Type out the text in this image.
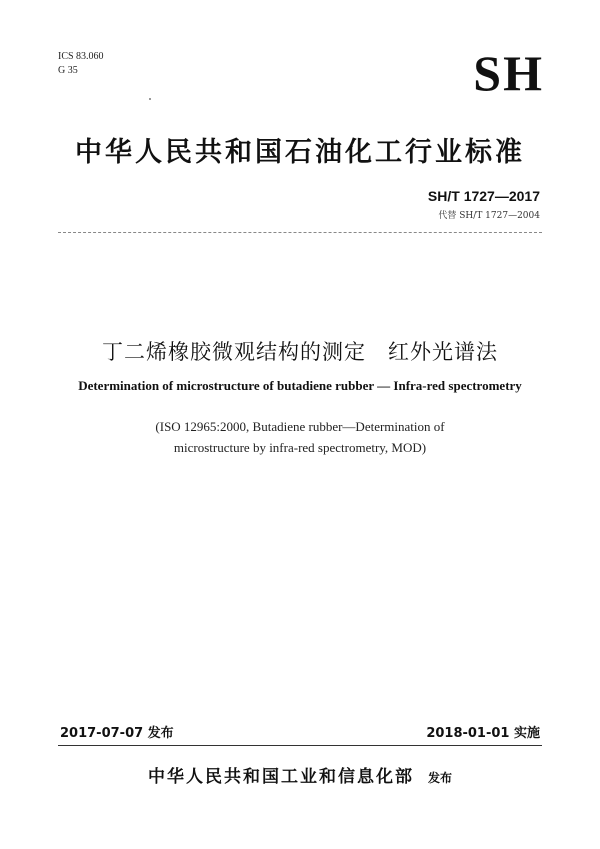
ICS 83.060
G 35	SH
中华人民共和国石油化工行业标准
SH/T 1727—2017
代替 SH/T 1727—2004
丁二烯橡胶微观结构的测定 红外光谱法
Determination of microstructure of butadiene rubber — Infra-red spectrometry
(ISO 12965:2000, Butadiene rubber—Determination of
microstructure by infra-red spectrometry, MOD)
2017-07-07 发布	2018-01-01 实施
中华人民共和国工业和信息化部 发布
